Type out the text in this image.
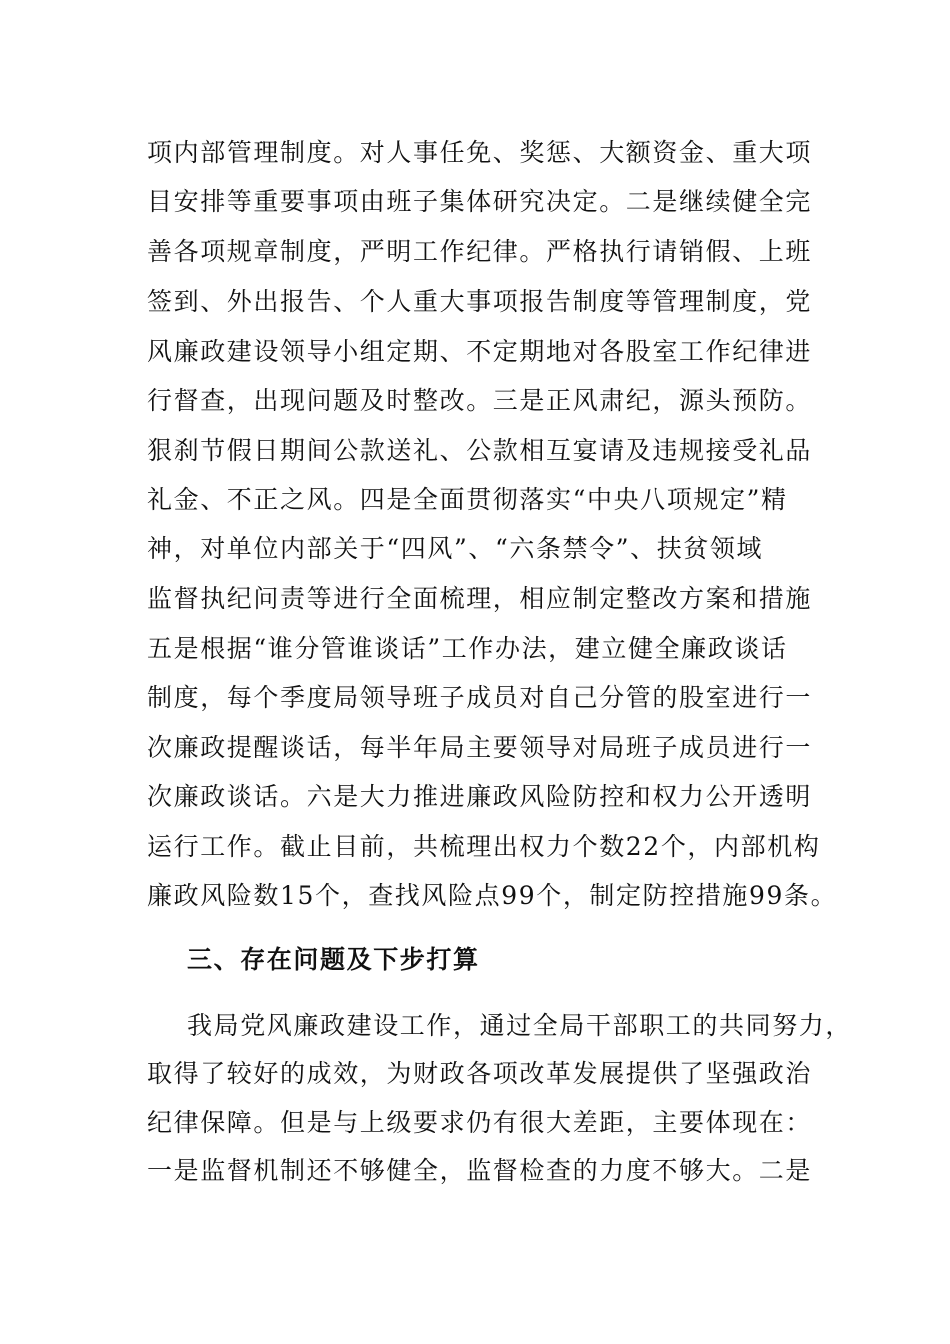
项内部管理制度。对人事任免、奖惩、大额资金、重大项
目安排等重要事项由班子集体研究决定。二是继续健全完
善各项规章制度，严明工作纪律。严格执行请销假、上班
签到、外出报告、个人重大事项报告制度等管理制度，党
风廉政建设领导小组定期、不定期地对各股室工作纪律进
行督查，出现问题及时整改。三是正风肃纪，源头预防。
狠刹节假日期间公款送礼、公款相互宴请及违规接受礼品
礼金、不正之风。四是全面贯彻落实“中央八项规定”精
神，对单位内部关于“四风”、“六条禁令”、扶贫领域
监督执纪问责等进行全面梳理，相应制定整改方案和措施
五是根据“谁分管谁谈话”工作办法，建立健全廉政谈话
制度，每个季度局领导班子成员对自己分管的股室进行一
次廉政提醒谈话，每半年局主要领导对局班子成员进行一
次廉政谈话。六是大力推进廉政风险防控和权力公开透明
运行工作。截止目前，共梳理出权力个数22个，内部机构
廉政风险数15个，查找风险点99个，制定防控措施99条。
三、存在问题及下步打算
我局党风廉政建设工作，通过全局干部职工的共同努力，
取得了较好的成效，为财政各项改革发展提供了坚强政治
纪律保障。但是与上级要求仍有很大差距，主要体现在：
一是监督机制还不够健全，监督检查的力度不够大。二是
